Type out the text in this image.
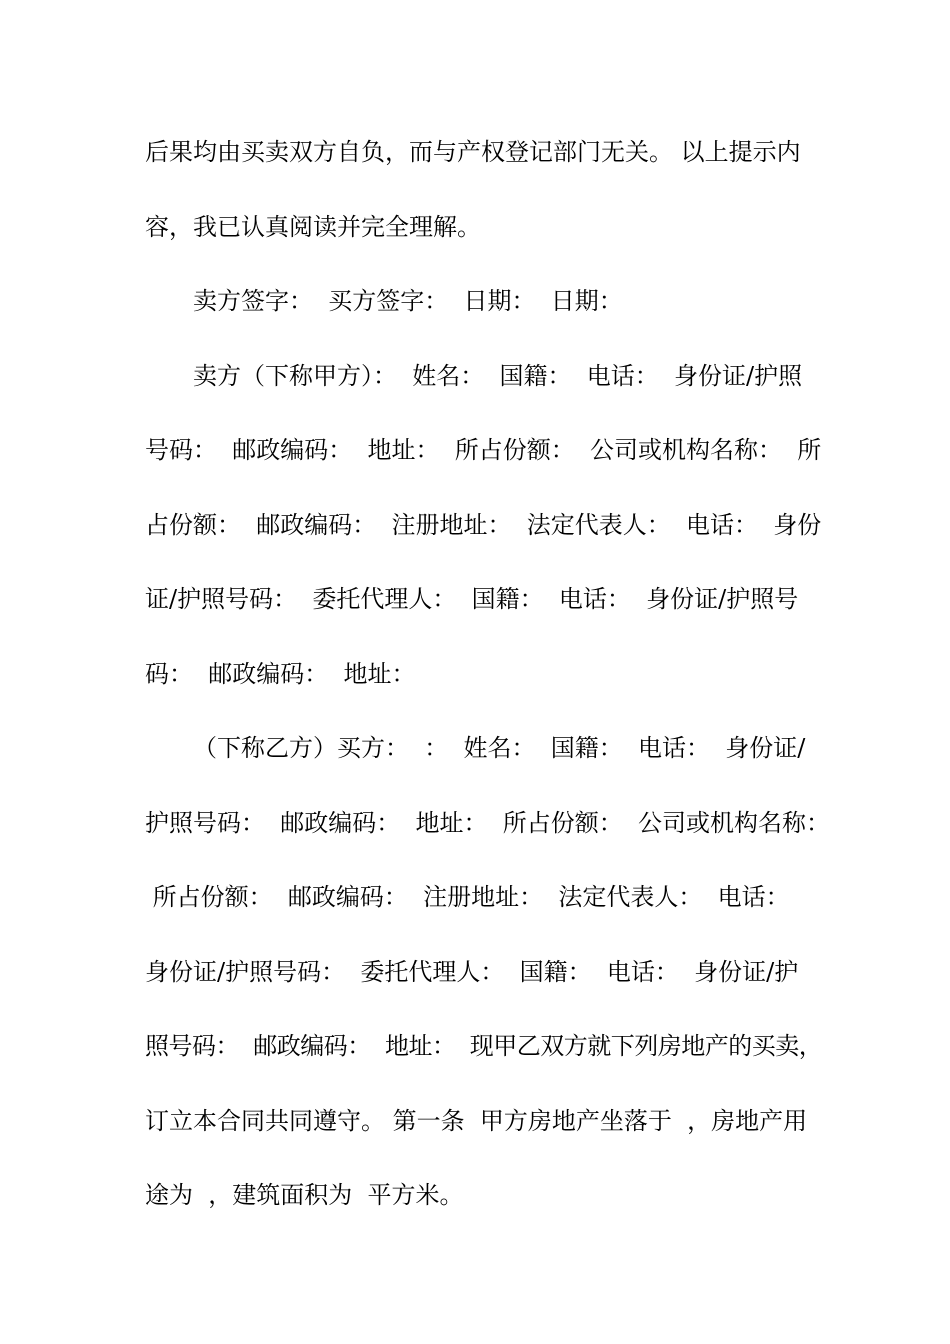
后果均由买卖双方自负，而与产权登记部门无关。 以上提示内
容，我已认真阅读并完全理解。
卖方签字：  买方签字：  日期：  日期：
卖方（下称甲方）：  姓名：  国籍：  电话：  身份证/护照
号码：  邮政编码：  地址：  所占份额：  公司或机构名称：  所
占份额：  邮政编码：  注册地址：  法定代表人：  电话：  身份
证/护照号码：  委托代理人：  国籍：  电话：  身份证/护照号
码：  邮政编码：  地址：
（下称乙方）买方：  ：  姓名：  国籍：  电话：  身份证/
护照号码：  邮政编码：  地址：  所占份额：  公司或机构名称：
所占份额：  邮政编码：  注册地址：  法定代表人：  电话：
身份证/护照号码：  委托代理人：  国籍：  电话：  身份证/护
照号码：  邮政编码：  地址：  现甲乙双方就下列房地产的买卖，
订立本合同共同遵守。 第一条  甲方房地产坐落于  ，房地产用
途为  ，建筑面积为  平方米。
